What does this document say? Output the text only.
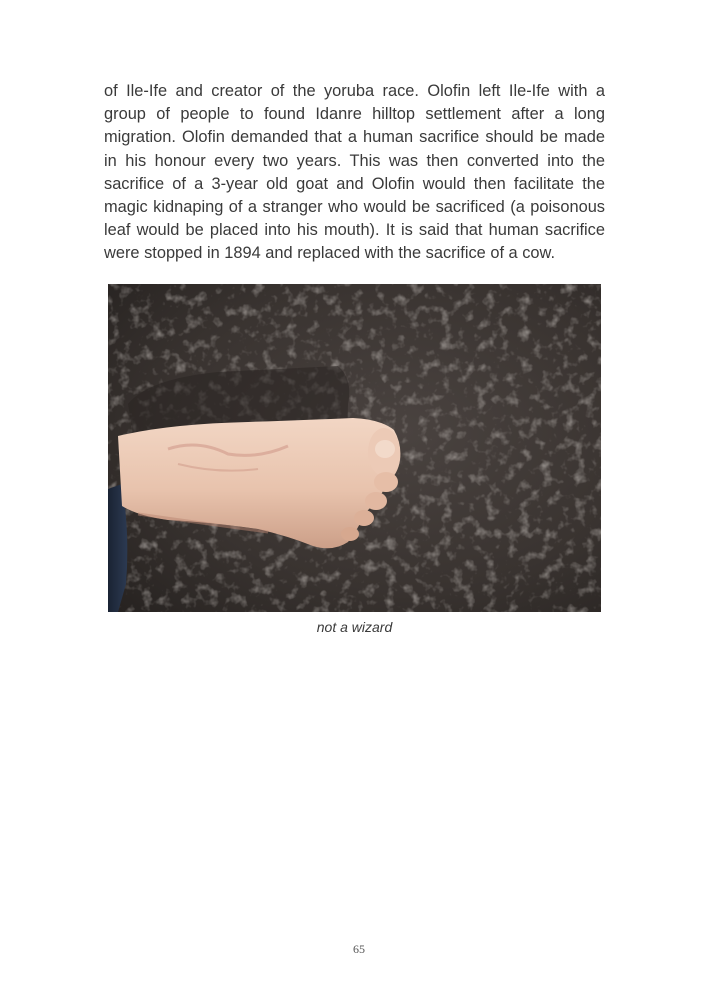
of Ile-Ife and creator of the yoruba race. Olofin left Ile-Ife with a group of people to found Idanre hilltop settlement after a long migration. Olofin demanded that a human sacrifice should be made in his honour every two years. This was then converted into the sacrifice of a 3-year old goat and Olofin would then facilitate the magic kidnaping of a stranger who would be sacrificed (a poisonous leaf would be placed into his mouth). It is said that human sacrifice were stopped in 1894 and replaced with the sacrifice of a cow.

not a wizard
65
